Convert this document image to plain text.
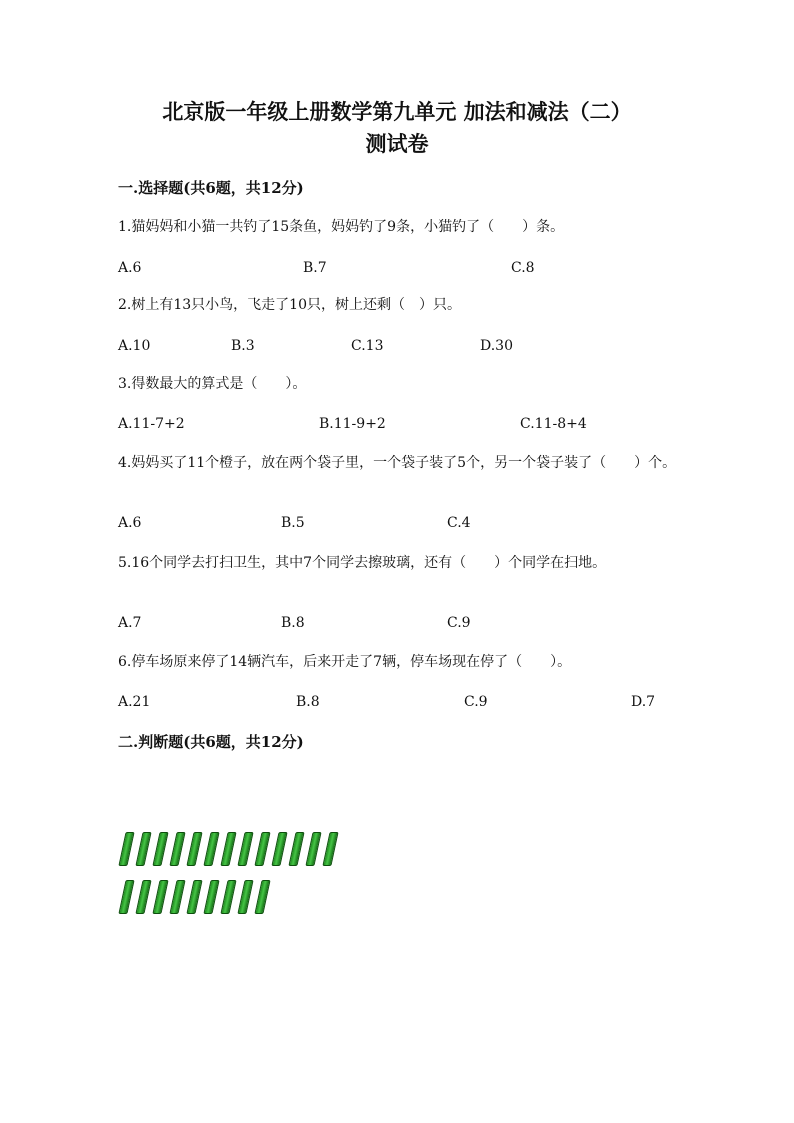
北京版一年级上册数学第九单元 加法和减法（二）
测试卷
一.选择题(共6题，共12分)
1.猫妈妈和小猫一共钓了15条鱼，妈妈钓了9条，小猫钓了（　　）条。
A.6	B.7	C.8
2.树上有13只小鸟，飞走了10只，树上还剩（　）只。
A.10	B.3	C.13	D.30
3.得数最大的算式是（　　）。
A.11-7+2	B.11-9+2	C.11-8+4
4.妈妈买了11个橙子，放在两个袋子里，一个袋子装了5个，另一个袋子装了（　　）个。
A.6	B.5	C.4
5.16个同学去打扫卫生，其中7个同学去擦玻璃，还有（　　）个同学在扫地。
A.7	B.8	C.9
6.停车场原来停了14辆汽车，后来开走了7辆，停车场现在停了（　　）。
A.21	B.8	C.9	D.7
二.判断题(共6题，共12分)
